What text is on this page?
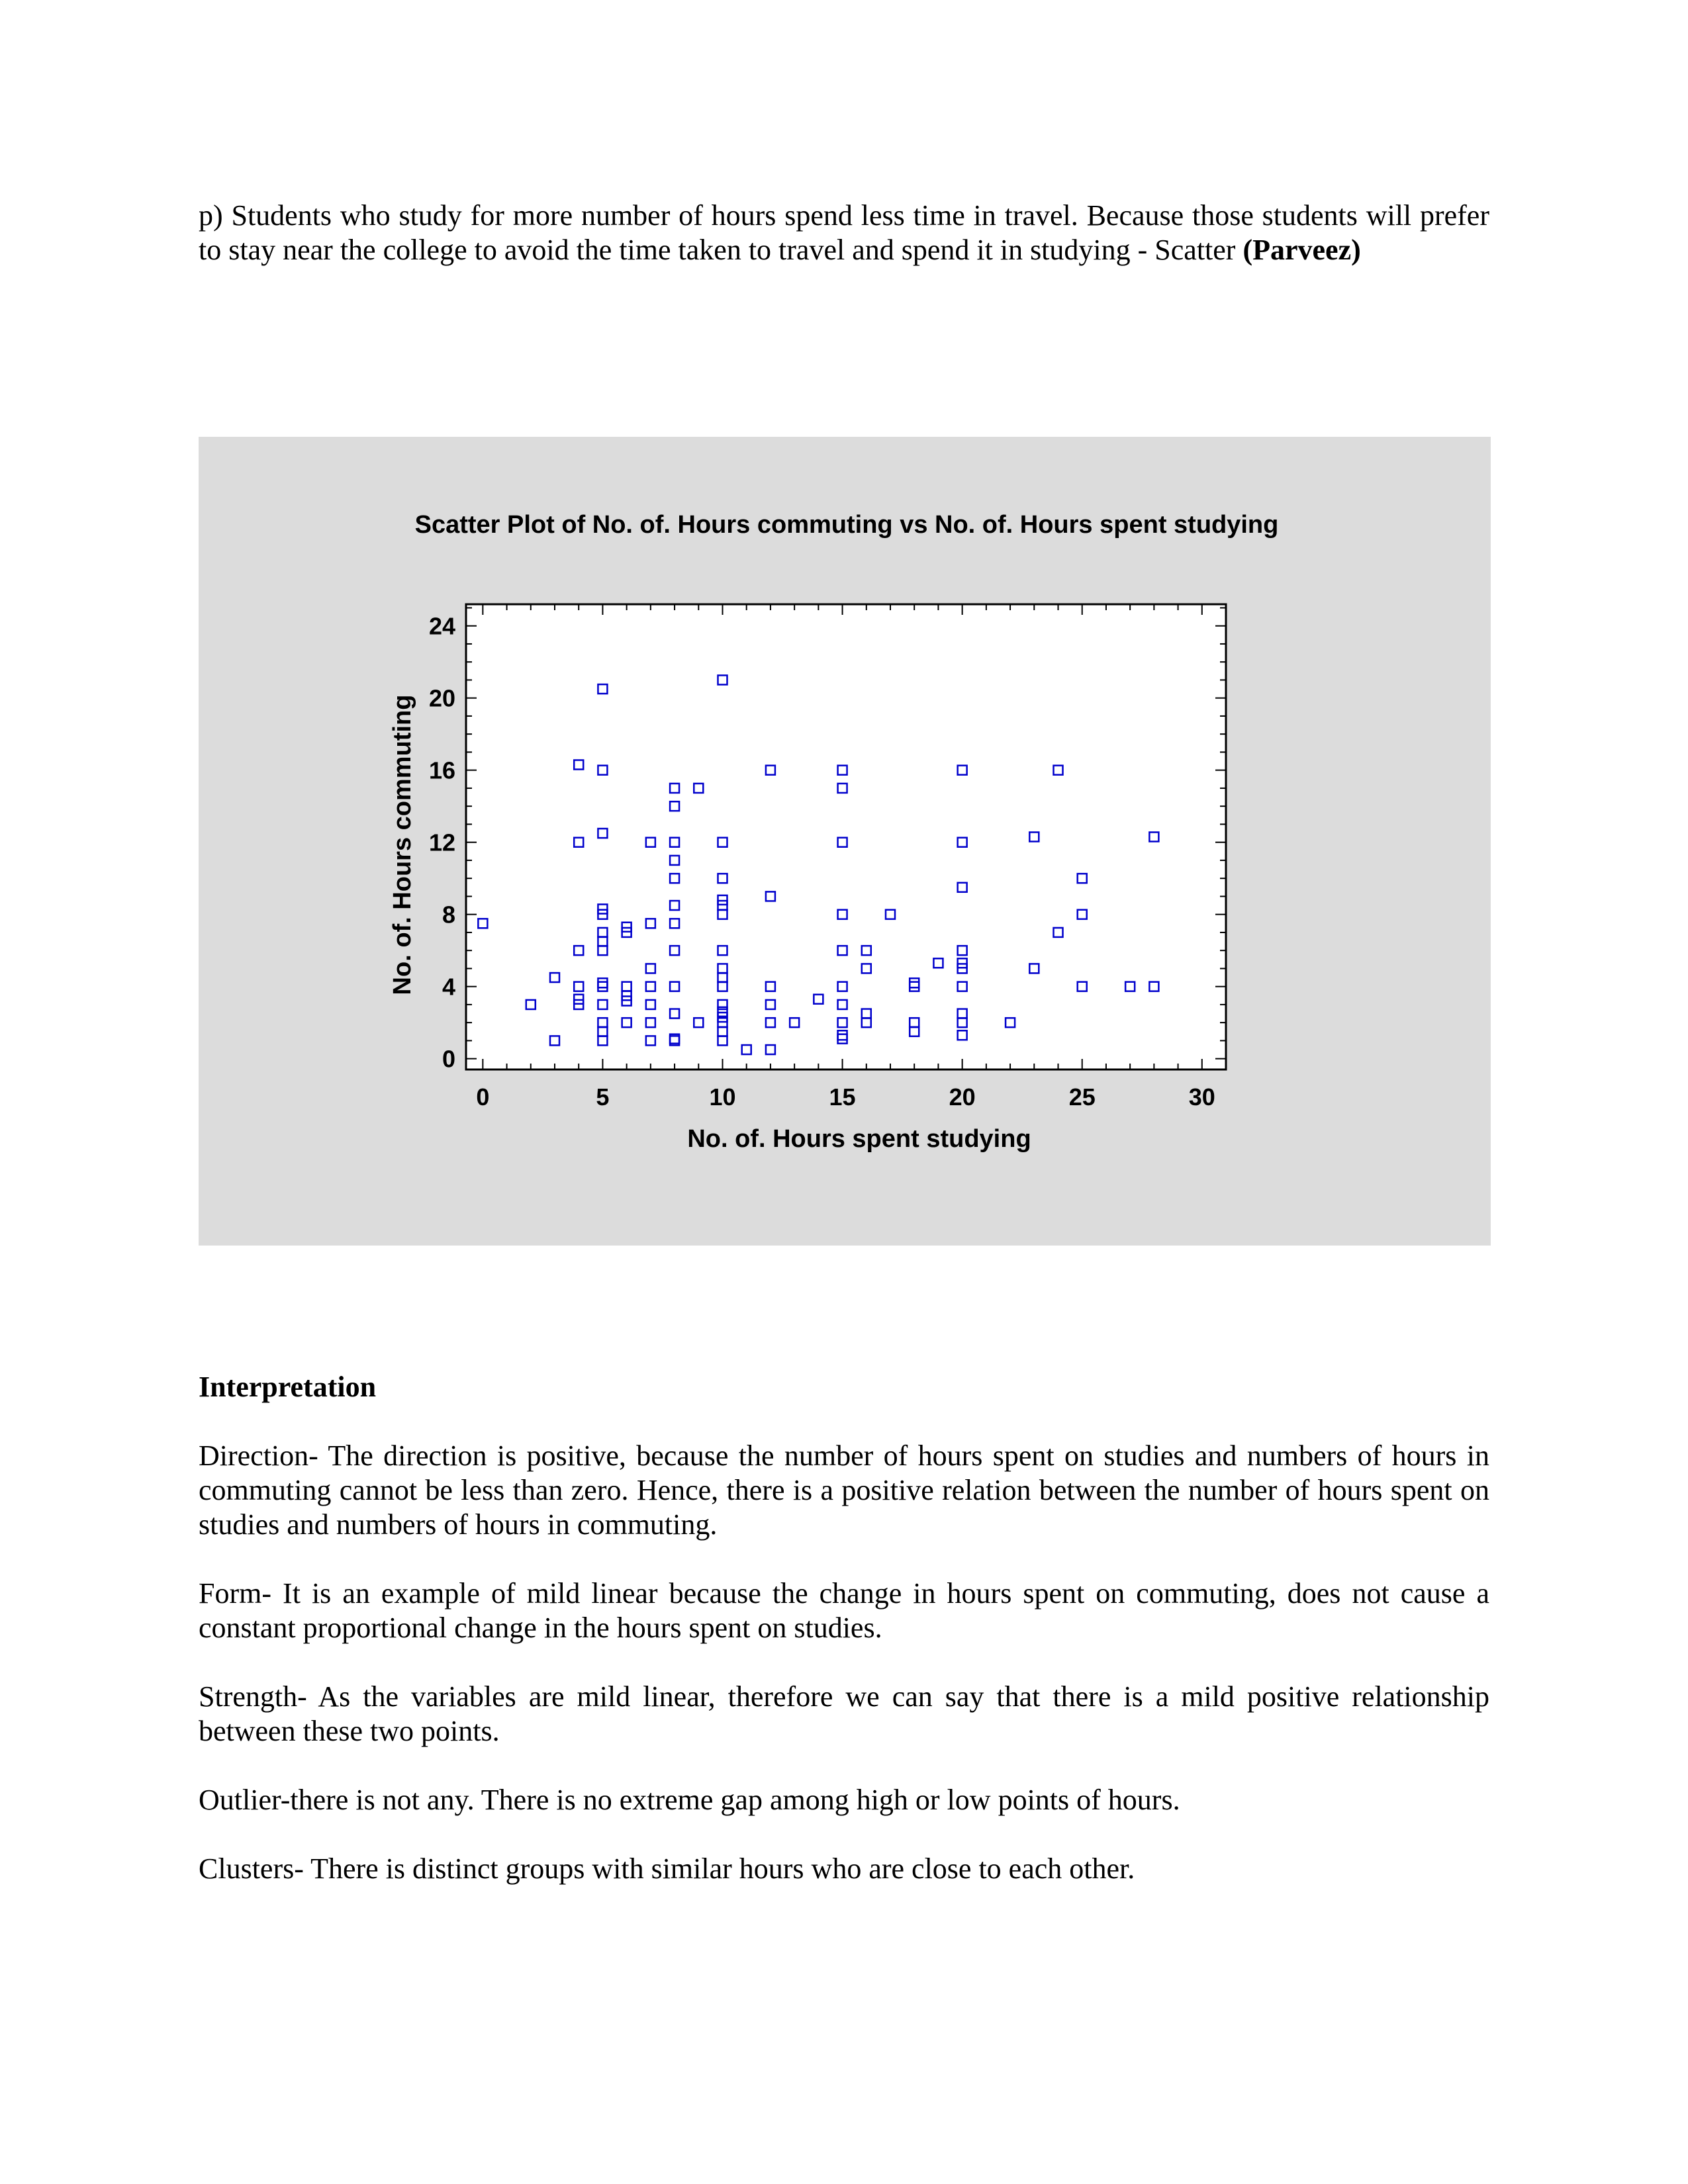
p) Students who study for more number of hours spend less time in travel. Because those students will prefer to stay near the college to avoid the time taken to travel and spend it in studying - Scatter (Parveez)
Scatter Plot of No. of. Hours commuting vs No. of. Hours spent studying
0	5	10	15	20	25	30
0
4
8
12
16
20
24
No. of. Hours spent studying
No. of. Hours commuting
Interpretation

Direction- The direction is positive, because the number of hours spent on studies and numbers of hours in commuting cannot be less than zero. Hence, there is a positive relation between the number of hours spent on studies and numbers of hours in commuting.

Form- It is an example of mild linear because the change in hours spent on commuting, does not cause a constant proportional change in the hours spent on studies.

Strength- As the variables are mild linear, therefore we can say that there is a mild positive relationship between these two points.

Outlier-there is not any. There is no extreme gap among high or low points of hours.

Clusters- There is distinct groups with similar hours who are close to each other.
